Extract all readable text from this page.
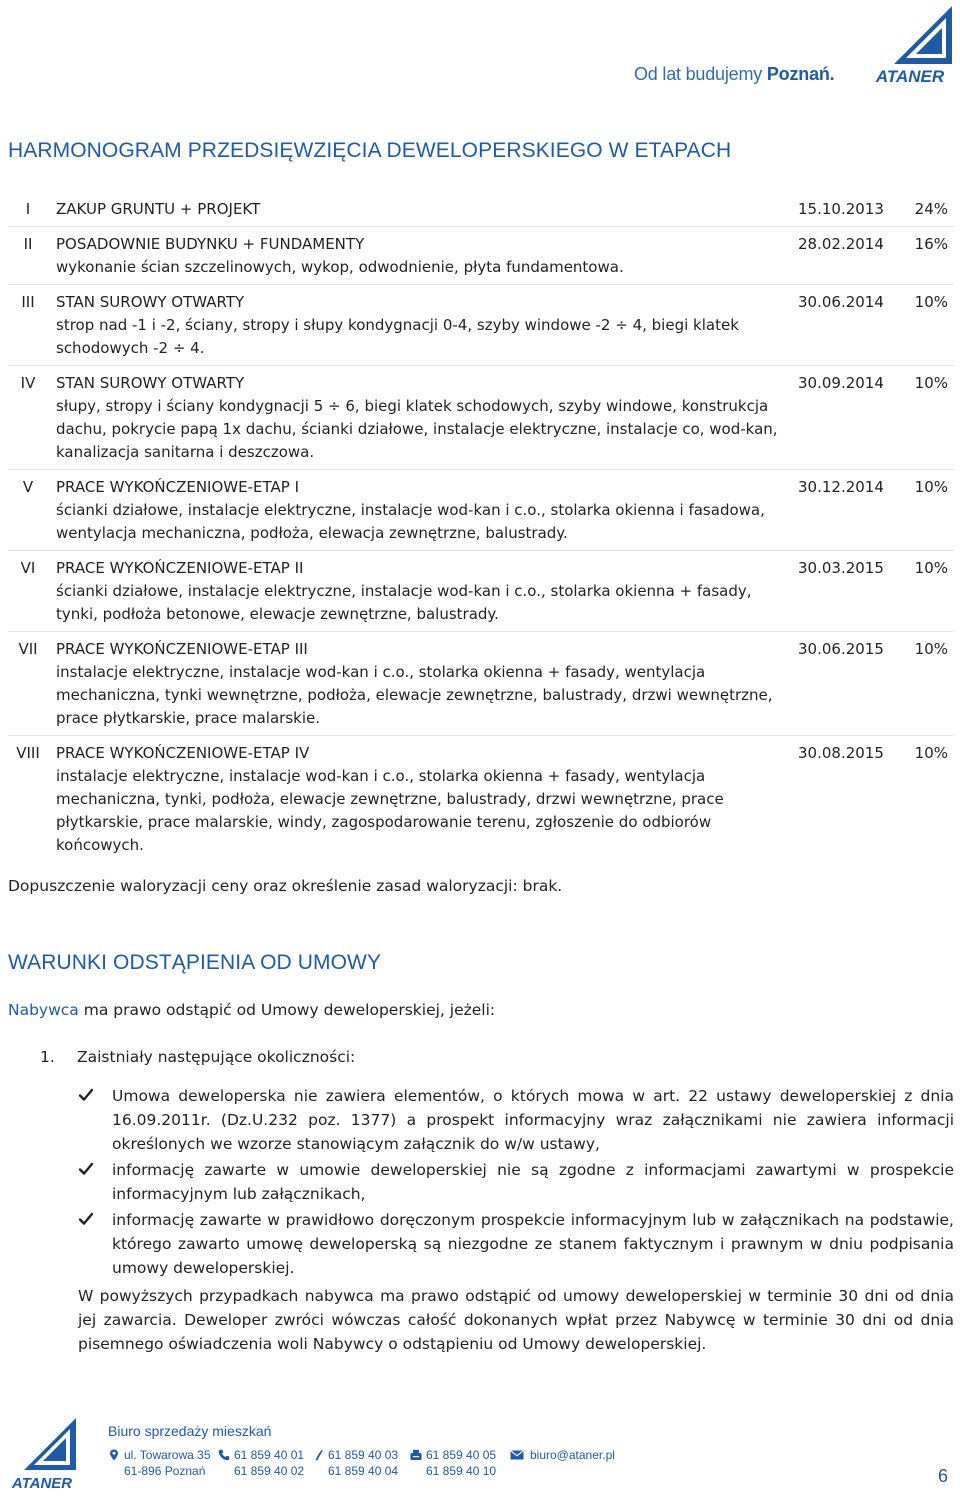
Od lat budujemy Poznań. ATANER
HARMONOGRAM PRZEDSIĘWZIĘCIA DEWELOPERSKIEGO W ETAPACH
I	ZAKUP GRUNTU + PROJEKT	15.10.2013 24%
II	POSADOWNIE BUDYNKU + FUNDAMENTY
wykonanie ścian szczelinowych, wykop, odwodnienie, płyta fundamentowa.
28.02.2014 16%
III	STAN SUROWY OTWARTY
strop nad -1 i -2, ściany, stropy i słupy kondygnacji 0-4, szyby windowe -2 ÷ 4, biegi klatek schodowych -2 ÷ 4.
30.06.2014 10%
IV	STAN SUROWY OTWARTY
słupy, stropy i ściany kondygnacji 5 ÷ 6, biegi klatek schodowych, szyby windowe, konstrukcja dachu, pokrycie papą 1x dachu, ścianki działowe, instalacje elektryczne, instalacje co, wod-kan, kanalizacja sanitarna i deszczowa.
30.09.2014 10%
V	PRACE WYKOŃCZENIOWE-ETAP I
ścianki działowe, instalacje elektryczne, instalacje wod-kan i c.o., stolarka okienna i fasadowa, wentylacja mechaniczna, podłoża, elewacja zewnętrzne, balustrady.
30.12.2014 10%
VI	PRACE WYKOŃCZENIOWE-ETAP II
ścianki działowe, instalacje elektryczne, instalacje wod-kan i c.o., stolarka okienna + fasady, tynki, podłoża betonowe, elewacje zewnętrzne, balustrady.
30.03.2015 10%
VII	PRACE WYKOŃCZENIOWE-ETAP III
instalacje elektryczne, instalacje wod-kan i c.o., stolarka okienna + fasady, wentylacja mechaniczna, tynki wewnętrzne, podłoża, elewacje zewnętrzne, balustrady, drzwi wewnętrzne, prace płytkarskie, prace malarskie.
30.06.2015 10%
VIII	PRACE WYKOŃCZENIOWE-ETAP IV
instalacje elektryczne, instalacje wod-kan i c.o., stolarka okienna + fasady, wentylacja mechaniczna, tynki, podłoża, elewacje zewnętrzne, balustrady, drzwi wewnętrzne, prace płytkarskie, prace malarskie, windy, zagospodarowanie terenu, zgłoszenie do odbiorów końcowych.
30.08.2015 10%
Dopuszczenie waloryzacji ceny oraz określenie zasad waloryzacji: brak.
WARUNKI ODSTĄPIENIA OD UMOWY
Nabywca ma prawo odstąpić od Umowy deweloperskiej, jeżeli:
1. Zaistniały następujące okoliczności:
Umowa deweloperska nie zawiera elementów, o których mowa w art. 22 ustawy deweloperskiej z dnia 16.09.2011r. (Dz.U.232 poz. 1377) a prospekt informacyjny wraz załącznikami nie zawiera informacji określonych we wzorze stanowiącym załącznik do w/w ustawy,
informację zawarte w umowie deweloperskiej nie są zgodne z informacjami zawartymi w prospekcie informacyjnym lub załącznikach,
informację zawarte w prawidłowo doręczonym prospekcie informacyjnym lub w załącznikach na podstawie, którego zawarto umowę deweloperską są niezgodne ze stanem faktycznym i prawnym w dniu podpisania umowy deweloperskiej.
W powyższych przypadkach nabywca ma prawo odstąpić od umowy deweloperskiej w terminie 30 dni od dnia jej zawarcia. Deweloper zwróci wówczas całość dokonanych wpłat przez Nabywcę w terminie 30 dni od dnia pisemnego oświadczenia woli Nabywcy o odstąpieniu od Umowy deweloperskiej.
ATANER
Biuro sprzedaży mieszkań
ul. Towarowa 35
61-896 Poznań
61 859 40 01
61 859 40 02
61 859 40 03
61 859 40 04
61 859 40 05
61 859 40 10
biuro@ataner.pl
6
